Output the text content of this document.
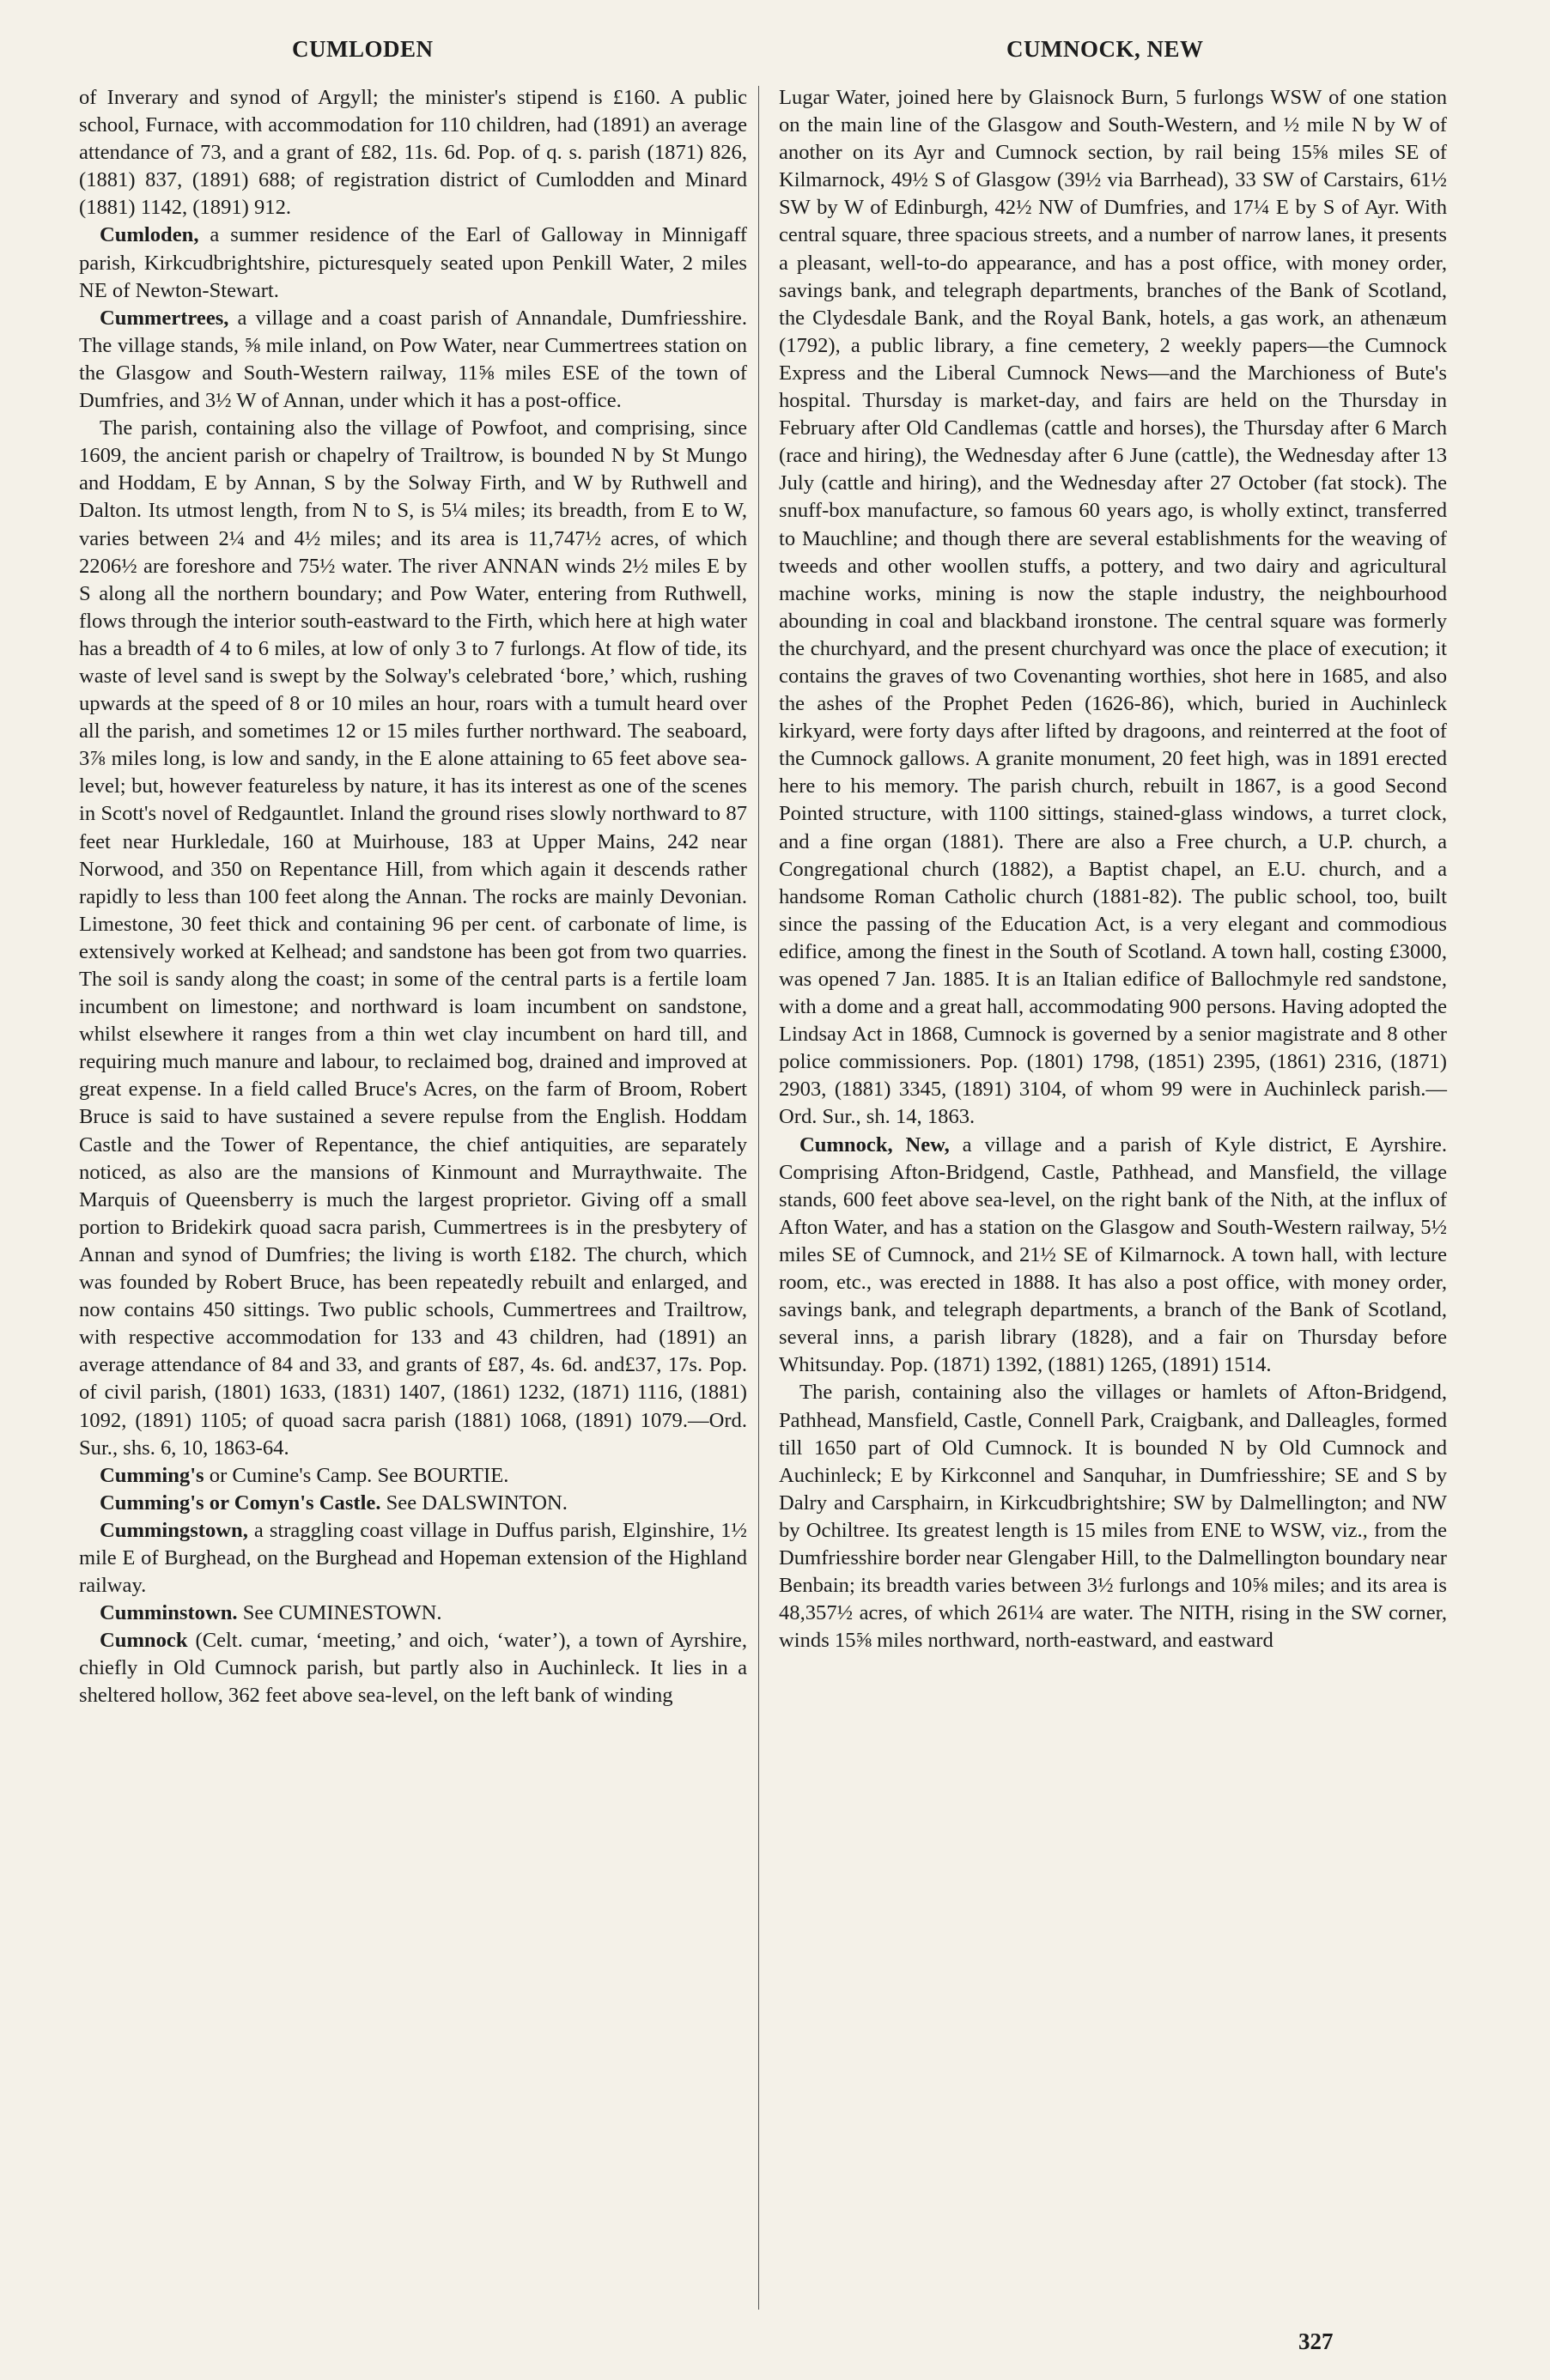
CUMLODEN	CUMNOCK, NEW

of Inverary and synod of Argyll; the minister's stipend is £160. A public school, Furnace, with accommodation for 110 children, had (1891) an average attendance of 73, and a grant of £82, 11s. 6d. Pop. of q. s. parish (1871) 826, (1881) 837, (1891) 688; of registration district of Cumlodden and Minard (1881) 1142, (1891) 912.

Cumloden, a summer residence of the Earl of Galloway in Minnigaff parish, Kirkcudbrightshire, picturesquely seated upon Penkill Water, 2 miles NE of Newton-Stewart.

Cummertrees, a village and a coast parish of Annandale, Dumfriesshire. The village stands, ⅝ mile inland, on Pow Water, near Cummertrees station on the Glasgow and South-Western railway, 11⅝ miles ESE of the town of Dumfries, and 3½ W of Annan, under which it has a post-office.

The parish, containing also the village of Powfoot, and comprising, since 1609, the ancient parish or chapelry of Trailtrow, is bounded N by St Mungo and Hoddam, E by Annan, S by the Solway Firth, and W by Ruthwell and Dalton. Its utmost length, from N to S, is 5¼ miles; its breadth, from E to W, varies between 2¼ and 4½ miles; and its area is 11,747½ acres, of which 2206½ are foreshore and 75½ water. The river ANNAN winds 2½ miles E by S along all the northern boundary; and Pow Water, entering from Ruthwell, flows through the interior south-eastward to the Firth, which here at high water has a breadth of 4 to 6 miles, at low of only 3 to 7 furlongs. At flow of tide, its waste of level sand is swept by the Solway's celebrated ‘bore,’ which, rushing upwards at the speed of 8 or 10 miles an hour, roars with a tumult heard over all the parish, and sometimes 12 or 15 miles further northward. The seaboard, 3⅞ miles long, is low and sandy, in the E alone attaining to 65 feet above sea-level; but, however featureless by nature, it has its interest as one of the scenes in Scott's novel of Redgauntlet. Inland the ground rises slowly northward to 87 feet near Hurkledale, 160 at Muirhouse, 183 at Upper Mains, 242 near Norwood, and 350 on Repentance Hill, from which again it descends rather rapidly to less than 100 feet along the Annan. The rocks are mainly Devonian. Limestone, 30 feet thick and containing 96 per cent. of carbonate of lime, is extensively worked at Kelhead; and sandstone has been got from two quarries. The soil is sandy along the coast; in some of the central parts is a fertile loam incumbent on limestone; and northward is loam incumbent on sandstone, whilst elsewhere it ranges from a thin wet clay incumbent on hard till, and requiring much manure and labour, to reclaimed bog, drained and improved at great expense. In a field called Bruce's Acres, on the farm of Broom, Robert Bruce is said to have sustained a severe repulse from the English. Hoddam Castle and the Tower of Repentance, the chief antiquities, are separately noticed, as also are the mansions of Kinmount and Murraythwaite. The Marquis of Queensberry is much the largest proprietor. Giving off a small portion to Bridekirk quoad sacra parish, Cummertrees is in the presbytery of Annan and synod of Dumfries; the living is worth £182. The church, which was founded by Robert Bruce, has been repeatedly rebuilt and enlarged, and now contains 450 sittings. Two public schools, Cummertrees and Trailtrow, with respective accommodation for 133 and 43 children, had (1891) an average attendance of 84 and 33, and grants of £87, 4s. 6d. and£37, 17s. Pop. of civil parish, (1801) 1633, (1831) 1407, (1861) 1232, (1871) 1116, (1881) 1092, (1891) 1105; of quoad sacra parish (1881) 1068, (1891) 1079.—Ord. Sur., shs. 6, 10, 1863-64.

Cumming's or Cumine's Camp. See BOURTIE.

Cumming's or Comyn's Castle. See DALSWINTON.

Cummingstown, a straggling coast village in Duffus parish, Elginshire, 1½ mile E of Burghead, on the Burghead and Hopeman extension of the Highland railway.

Cumminstown. See CUMINESTOWN.

Cumnock (Celt. cumar, ‘meeting,’ and oich, ‘water’), a town of Ayrshire, chiefly in Old Cumnock parish, but partly also in Auchinleck. It lies in a sheltered hollow, 362 feet above sea-level, on the left bank of winding

Lugar Water, joined here by Glaisnock Burn, 5 furlongs WSW of one station on the main line of the Glasgow and South-Western, and ½ mile N by W of another on its Ayr and Cumnock section, by rail being 15⅝ miles SE of Kilmarnock, 49½ S of Glasgow (39½ via Barrhead), 33 SW of Carstairs, 61½ SW by W of Edinburgh, 42½ NW of Dumfries, and 17¼ E by S of Ayr. With central square, three spacious streets, and a number of narrow lanes, it presents a pleasant, well-to-do appearance, and has a post office, with money order, savings bank, and telegraph departments, branches of the Bank of Scotland, the Clydesdale Bank, and the Royal Bank, hotels, a gas work, an athenæum (1792), a public library, a fine cemetery, 2 weekly papers—the Cumnock Express and the Liberal Cumnock News—and the Marchioness of Bute's hospital. Thursday is market-day, and fairs are held on the Thursday in February after Old Candlemas (cattle and horses), the Thursday after 6 March (race and hiring), the Wednesday after 6 June (cattle), the Wednesday after 13 July (cattle and hiring), and the Wednesday after 27 October (fat stock). The snuff-box manufacture, so famous 60 years ago, is wholly extinct, transferred to Mauchline; and though there are several establishments for the weaving of tweeds and other woollen stuffs, a pottery, and two dairy and agricultural machine works, mining is now the staple industry, the neighbourhood abounding in coal and blackband ironstone. The central square was formerly the churchyard, and the present churchyard was once the place of execution; it contains the graves of two Covenanting worthies, shot here in 1685, and also the ashes of the Prophet Peden (1626-86), which, buried in Auchinleck kirkyard, were forty days after lifted by dragoons, and reinterred at the foot of the Cumnock gallows. A granite monument, 20 feet high, was in 1891 erected here to his memory. The parish church, rebuilt in 1867, is a good Second Pointed structure, with 1100 sittings, stained-glass windows, a turret clock, and a fine organ (1881). There are also a Free church, a U.P. church, a Congregational church (1882), a Baptist chapel, an E.U. church, and a handsome Roman Catholic church (1881-82). The public school, too, built since the passing of the Education Act, is a very elegant and commodious edifice, among the finest in the South of Scotland. A town hall, costing £3000, was opened 7 Jan. 1885. It is an Italian edifice of Ballochmyle red sandstone, with a dome and a great hall, accommodating 900 persons. Having adopted the Lindsay Act in 1868, Cumnock is governed by a senior magistrate and 8 other police commissioners. Pop. (1801) 1798, (1851) 2395, (1861) 2316, (1871) 2903, (1881) 3345, (1891) 3104, of whom 99 were in Auchinleck parish.—Ord. Sur., sh. 14, 1863.

Cumnock, New, a village and a parish of Kyle district, E Ayrshire. Comprising Afton-Bridgend, Castle, Pathhead, and Mansfield, the village stands, 600 feet above sea-level, on the right bank of the Nith, at the influx of Afton Water, and has a station on the Glasgow and South-Western railway, 5½ miles SE of Cumnock, and 21½ SE of Kilmarnock. A town hall, with lecture room, etc., was erected in 1888. It has also a post office, with money order, savings bank, and telegraph departments, a branch of the Bank of Scotland, several inns, a parish library (1828), and a fair on Thursday before Whitsunday. Pop. (1871) 1392, (1881) 1265, (1891) 1514.

The parish, containing also the villages or hamlets of Afton-Bridgend, Pathhead, Mansfield, Castle, Connell Park, Craigbank, and Dalleagles, formed till 1650 part of Old Cumnock. It is bounded N by Old Cumnock and Auchinleck; E by Kirkconnel and Sanquhar, in Dumfriesshire; SE and S by Dalry and Carsphairn, in Kirkcudbrightshire; SW by Dalmellington; and NW by Ochiltree. Its greatest length is 15 miles from ENE to WSW, viz., from the Dumfriesshire border near Glengaber Hill, to the Dalmellington boundary near Benbain; its breadth varies between 3½ furlongs and 10⅝ miles; and its area is 48,357½ acres, of which 261¼ are water. The NITH, rising in the SW corner, winds 15⅝ miles northward, north-eastward, and eastward

327
